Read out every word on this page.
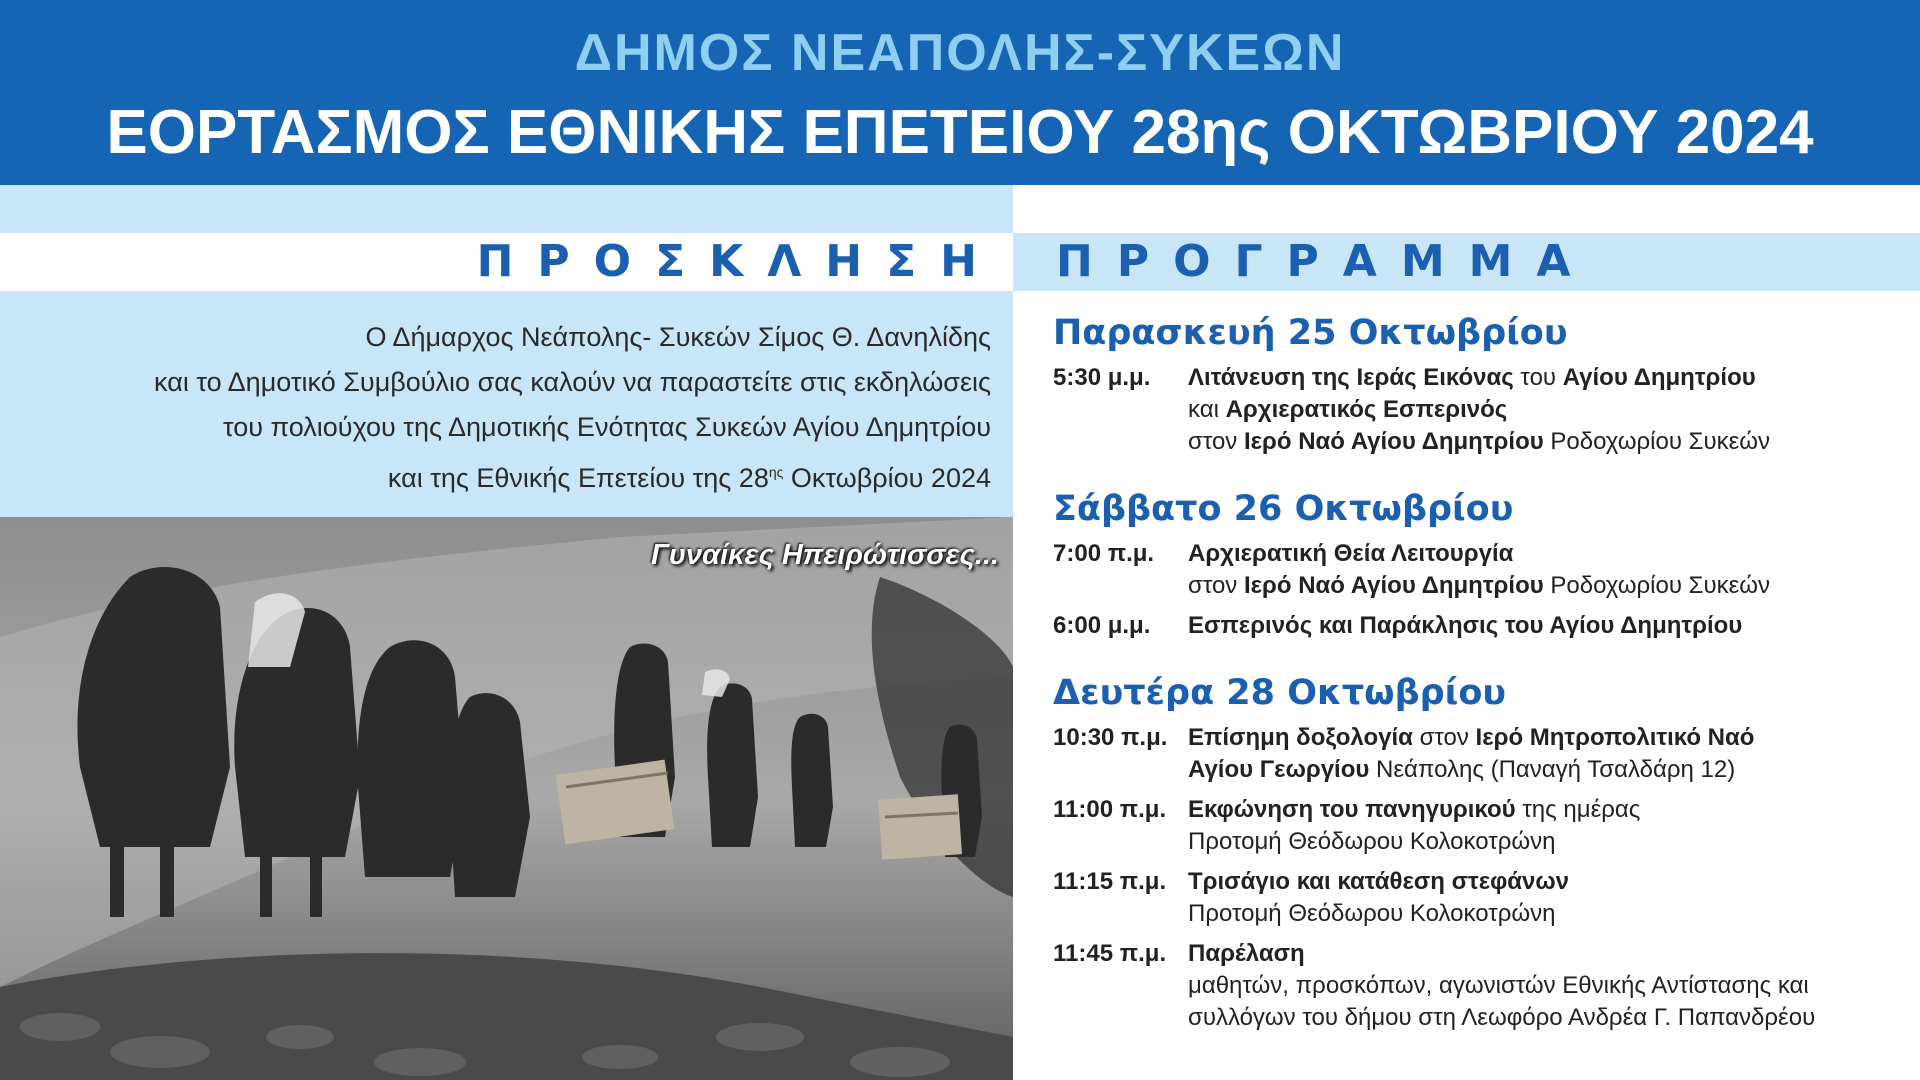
ΔΗΜΟΣ ΝΕΑΠΟΛΗΣ-ΣΥΚΕΩΝ
ΕΟΡΤΑΣΜΟΣ ΕΘΝΙΚΗΣ ΕΠΕΤΕΙΟΥ 28ης ΟΚΤΩΒΡΙΟΥ 2024
ΠΡΟΣΚΛΗΣΗ

Ο Δήμαρχος Νεάπολης- Συκεών Σίμος Θ. Δανηλίδης

και το Δημοτικό Συμβούλιο σας καλούν να παραστείτε στις εκδηλώσεις

του πολιούχου της Δημοτικής Ενότητας Συκεών Αγίου Δημητρίου

και της Εθνικής Επετείου της $28^{\eta\varsigma}$ Οκτωβρίου 2024

Γυναίκες Ηπειρώτισσες...
ΠΡΟΓΡΑΜΜΑ
Παρασκευή 25 Οκτωβρίου
5:30 μ.μ.	Λιτάνευση της Ιεράς Εικόνας του Αγίου Δημητρίου
και Αρχιερατικός Εσπερινός
στον Ιερό Ναό Αγίου Δημητρίου Ροδοχωρίου Συκεών
Σάββατο 26 Οκτωβρίου
7:00 π.μ.	Αρχιερατική Θεία Λειτουργία
στον Ιερό Ναό Αγίου Δημητρίου Ροδοχωρίου Συκεών
6:00 μ.μ.	Εσπερινός και Παράκλησις του Αγίου Δημητρίου
Δευτέρα 28 Οκτωβρίου
10:30 π.μ. Επίσημη δοξολογία στον Ιερό Μητροπολιτικό Ναό
Αγίου Γεωργίου Νεάπολης (Παναγή Τσαλδάρη 12)
11:00 π.μ. Εκφώνηση του πανηγυρικού της ημέρας
Προτομή Θεόδωρου Κολοκοτρώνη
11:15 π.μ. Τρισάγιο και κατάθεση στεφάνων
Προτομή Θεόδωρου Κολοκοτρώνη
11:45 π.μ. Παρέλαση
μαθητών, προσκόπων, αγωνιστών Εθνικής Αντίστασης και
συλλόγων του δήμου στη Λεωφόρο Ανδρέα Γ. Παπανδρέου
